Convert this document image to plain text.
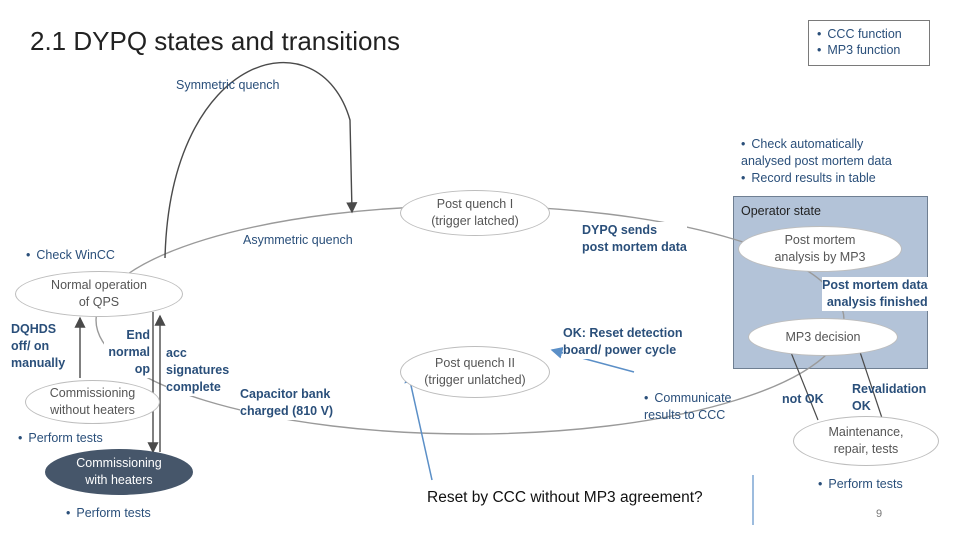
2.1 DYPQ states and transitions
•	CCC function
• MP3 function
Post quench I
(trigger latched)
Post quench II
(trigger unlatched)
Normal operation
of QPS
Commissioning
without heaters
Commissioning
with heaters
Post mortem
analysis by MP3
MP3 decision
Maintenance,
repair, tests
Operator state
Symmetric quench
Asymmetric quench
• Check WinCC
DQHDS
off/ on
manually
End
normal
op
acc
signatures
complete	Capacitor bank
charged (810 V)
• Perform tests
• Perform tests
• Perform tests
DYPQ sends
post mortem data
• Check automatically
analysed post mortem data
• Record results in table
Post mortem data
analysis finished
OK: Reset detection
board/ power cycle
• Communicate
results to CCC
not OK
Revalidation
OK
Reset by CCC without MP3 agreement?
9
